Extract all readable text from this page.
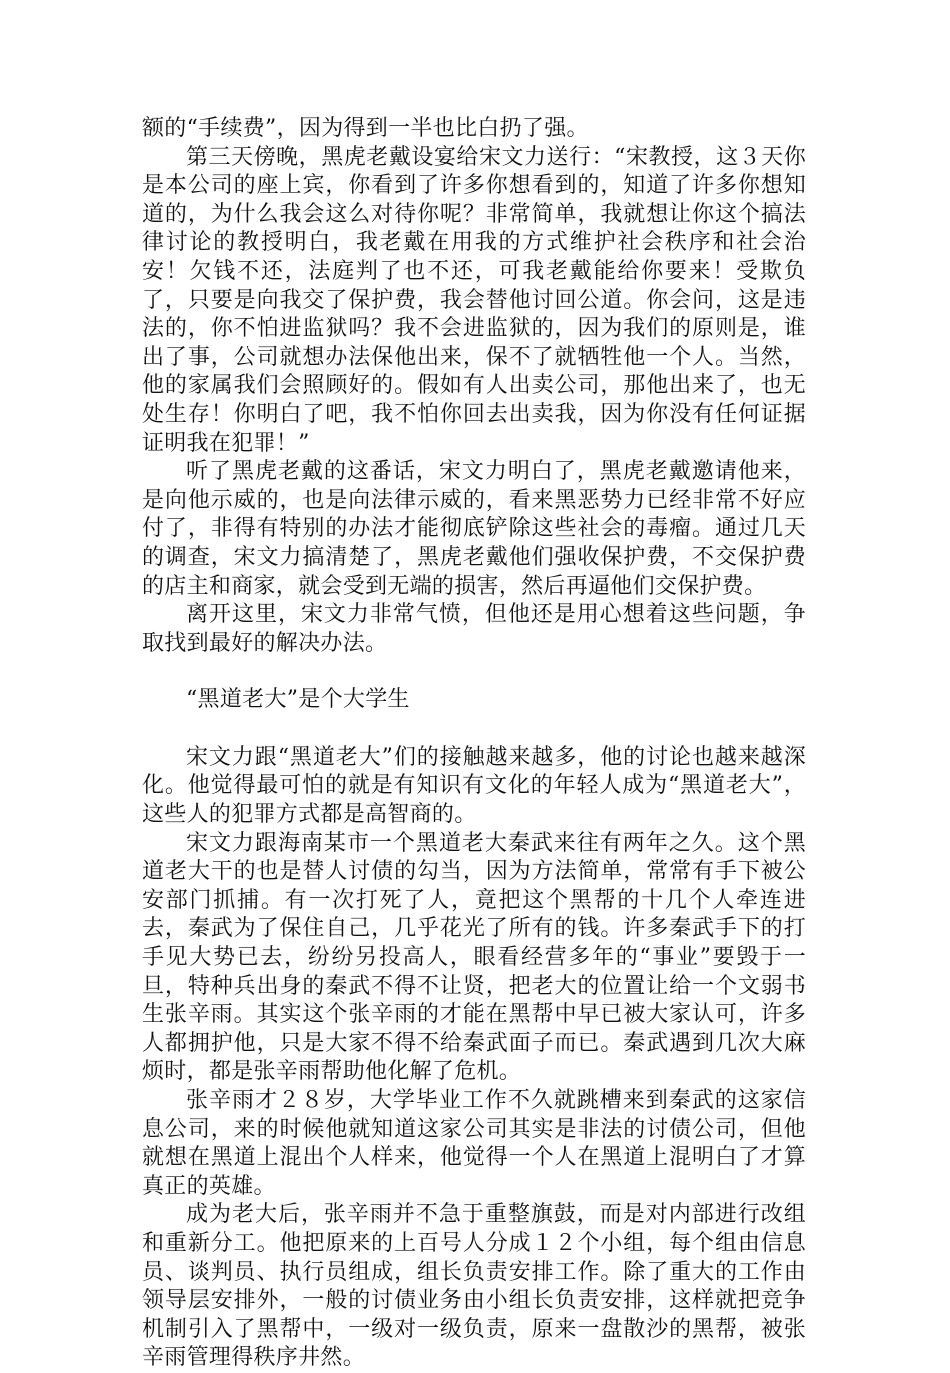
额的“手续费”，因为得到一半也比白扔了强。

第三天傍晚，黑虎老戴设宴给宋文力送行：“宋教授，这３天你是本公司的座上宾，你看到了许多你想看到的，知道了许多你想知道的，为什么我会这么对待你呢？非常简单，我就想让你这个搞法律讨论的教授明白，我老戴在用我的方式维护社会秩序和社会治安！欠钱不还，法庭判了也不还，可我老戴能给你要来！受欺负了，只要是向我交了保护费，我会替他讨回公道。你会问，这是违法的，你不怕进监狱吗？我不会进监狱的，因为我们的原则是，谁出了事，公司就想办法保他出来，保不了就牺牲他一个人。当然，他的家属我们会照顾好的。假如有人出卖公司，那他出来了，也无处生存！你明白了吧，我不怕你回去出卖我，因为你没有任何证据证明我在犯罪！”

听了黑虎老戴的这番话，宋文力明白了，黑虎老戴邀请他来，是向他示威的，也是向法律示威的，看来黑恶势力已经非常不好应付了，非得有特别的办法才能彻底铲除这些社会的毒瘤。通过几天的调查，宋文力搞清楚了，黑虎老戴他们强收保护费，不交保护费的店主和商家，就会受到无端的损害，然后再逼他们交保护费。

离开这里，宋文力非常气愤，但他还是用心想着这些问题，争取找到最好的解决办法。

“黑道老大”是个大学生

宋文力跟“黑道老大”们的接触越来越多，他的讨论也越来越深化。他觉得最可怕的就是有知识有文化的年轻人成为“黑道老大”，这些人的犯罪方式都是高智商的。

宋文力跟海南某市一个黑道老大秦武来往有两年之久。这个黑道老大干的也是替人讨债的勾当，因为方法简单，常常有手下被公安部门抓捕。有一次打死了人，竟把这个黑帮的十几个人牵连进去，秦武为了保住自己，几乎花光了所有的钱。许多秦武手下的打手见大势已去，纷纷另投高人，眼看经营多年的“事业”要毁于一旦，特种兵出身的秦武不得不让贤，把老大的位置让给一个文弱书生张辛雨。其实这个张辛雨的才能在黑帮中早已被大家认可，许多人都拥护他，只是大家不得不给秦武面子而已。秦武遇到几次大麻烦时，都是张辛雨帮助他化解了危机。

张辛雨才２８岁，大学毕业工作不久就跳槽来到秦武的这家信息公司，来的时候他就知道这家公司其实是非法的讨债公司，但他就想在黑道上混出个人样来，他觉得一个人在黑道上混明白了才算真正的英雄。

成为老大后，张辛雨并不急于重整旗鼓，而是对内部进行改组和重新分工。他把原来的上百号人分成１２个小组，每个组由信息员、谈判员、执行员组成，组长负责安排工作。除了重大的工作由领导层安排外，一般的讨债业务由小组长负责安排，这样就把竞争机制引入了黑帮中，一级对一级负责，原来一盘散沙的黑帮，被张辛雨管理得秩序井然。
